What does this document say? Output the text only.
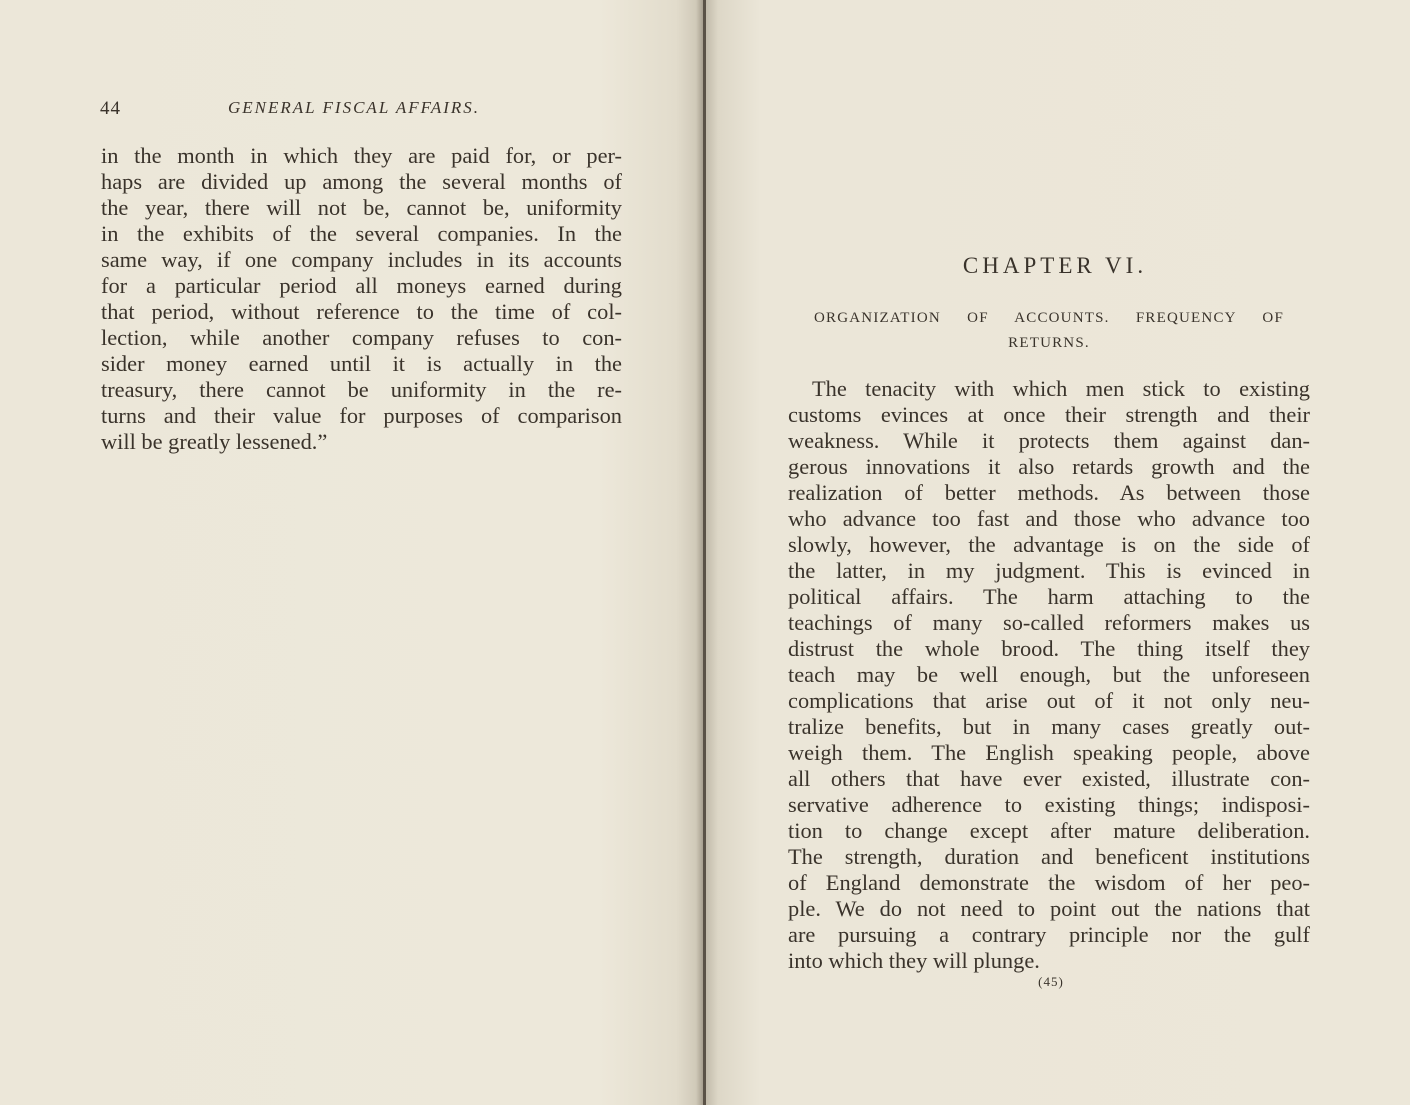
44	GENERAL FISCAL AFFAIRS.
in the month in which they are paid for, or per-
haps are divided up among the several months of
the year, there will not be, cannot be, uniformity
in the exhibits of the several companies. In the
same way, if one company includes in its accounts
for a particular period all moneys earned during
that period, without reference to the time of col-
lection, while another company refuses to con-
sider money earned until it is actually in the
treasury, there cannot be uniformity in the re-
turns and their value for purposes of comparison
will be greatly lessened.”
CHAPTER VI.
ORGANIZATION OF ACCOUNTS. FREQUENCY OF
RETURNS.
The tenacity with which men stick to existing
customs evinces at once their strength and their
weakness. While it protects them against dan-
gerous innovations it also retards growth and the
realization of better methods. As between those
who advance too fast and those who advance too
slowly, however, the advantage is on the side of
the latter, in my judgment. This is evinced in
political affairs. The harm attaching to the
teachings of many so-called reformers makes us
distrust the whole brood. The thing itself they
teach may be well enough, but the unforeseen
complications that arise out of it not only neu-
tralize benefits, but in many cases greatly out-
weigh them. The English speaking people, above
all others that have ever existed, illustrate con-
servative adherence to existing things; indisposi-
tion to change except after mature deliberation.
The strength, duration and beneficent institutions
of England demonstrate the wisdom of her peo-
ple. We do not need to point out the nations that
are pursuing a contrary principle nor the gulf
into which they will plunge.
(45)
